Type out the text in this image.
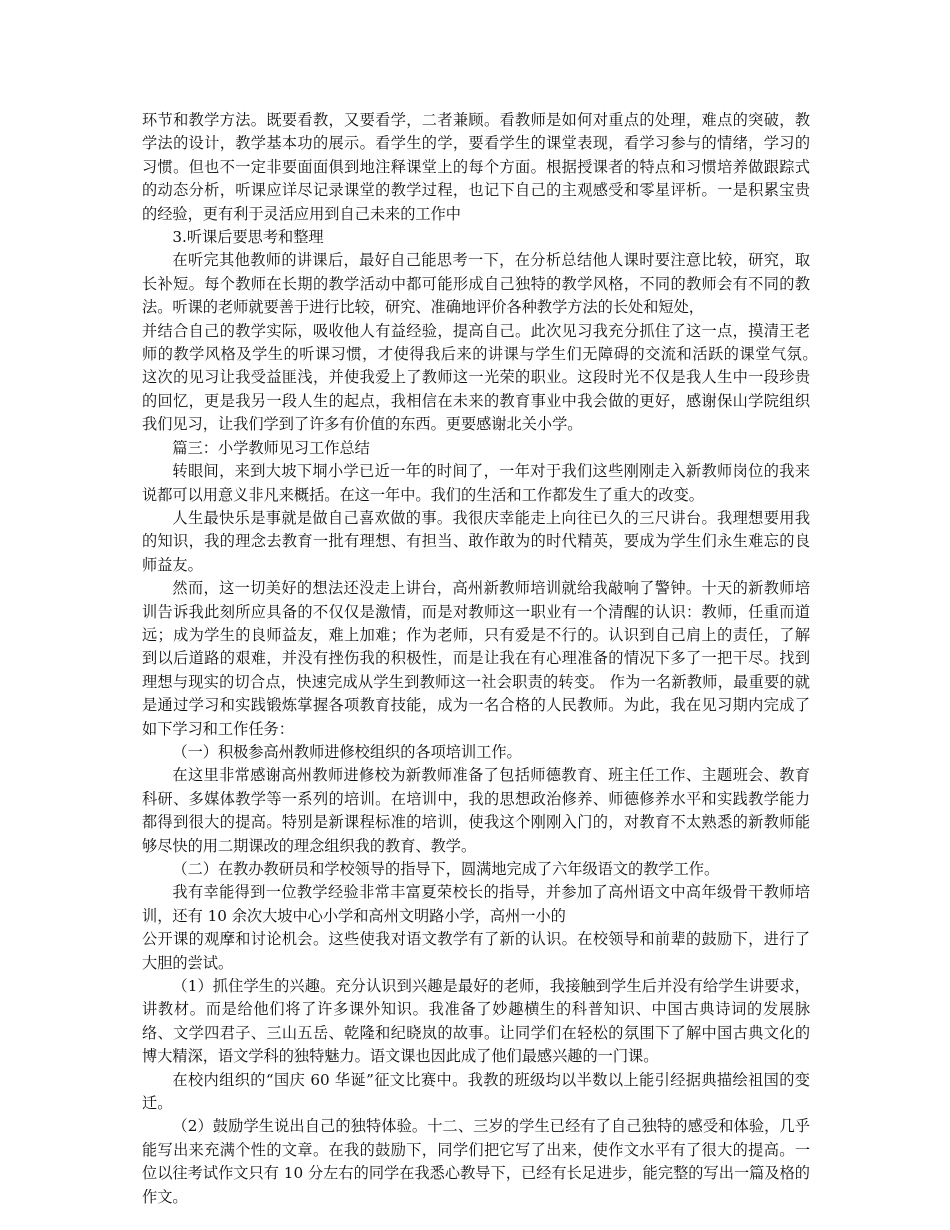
环节和教学方法。既要看教，又要看学，二者兼顾。看教师是如何对重点的处理，难点的突破，教学法的设计，教学基本功的展示。看学生的学，要看学生的课堂表现，看学习参与的情绪，学习的习惯。但也不一定非要面面俱到地注释课堂上的每个方面。根据授课者的特点和习惯培养做跟踪式的动态分析，听课应详尽记录课堂的教学过程，也记下自己的主观感受和零星评析。一是积累宝贵的经验，更有利于灵活应用到自己未来的工作中

3.听课后要思考和整理

在听完其他教师的讲课后，最好自己能思考一下，在分析总结他人课时要注意比较，研究，取长补短。每个教师在长期的教学活动中都可能形成自己独特的教学风格，不同的教师会有不同的教法。听课的老师就要善于进行比较，研究、准确地评价各种教学方法的长处和短处，

并结合自己的教学实际，吸收他人有益经验，提高自己。此次见习我充分抓住了这一点，摸清王老师的教学风格及学生的听课习惯，才使得我后来的讲课与学生们无障碍的交流和活跃的课堂气氛。　这次的见习让我受益匪浅，并使我爱上了教师这一光荣的职业。这段时光不仅是我人生中一段珍贵的回忆，更是我另一段人生的起点，我相信在未来的教育事业中我会做的更好，感谢保山学院组织我们见习，让我们学到了许多有价值的东西。更要感谢北关小学。

篇三：小学教师见习工作总结

转眼间，来到大坡下垌小学已近一年的时间了，一年对于我们这些刚刚走入新教师岗位的我来说都可以用意义非凡来概括。在这一年中。我们的生活和工作都发生了重大的改变。

人生最快乐是事就是做自己喜欢做的事。我很庆幸能走上向往已久的三尺讲台。我理想要用我的知识，我的理念去教育一批有理想、有担当、敢作敢为的时代精英，要成为学生们永生难忘的良师益友。

然而，这一切美好的想法还没走上讲台，高州新教师培训就给我敲响了警钟。十天的新教师培训告诉我此刻所应具备的不仅仅是激情，而是对教师这一职业有一个清醒的认识：教师，任重而道远；成为学生的良师益友，难上加难；作为老师，只有爱是不行的。认识到自己肩上的责任，了解到以后道路的艰难，并没有挫伤我的积极性，而是让我在有心理准备的情况下多了一把干尽。找到理想与现实的切合点，快速完成从学生到教师这一社会职责的转变。 作为一名新教师，最重要的就是通过学习和实践锻炼掌握各项教育技能，成为一名合格的人民教师。为此，我在见习期内完成了如下学习和工作任务：

（一）积极参高州教师进修校组织的各项培训工作。

在这里非常感谢高州教师进修校为新教师准备了包括师德教育、班主任工作、主题班会、教育科研、多媒体教学等一系列的培训。在培训中，我的思想政治修养、师德修养水平和实践教学能力都得到很大的提高。特别是新课程标准的培训，使我这个刚刚入门的，对教育不太熟悉的新教师能够尽快的用二期课改的理念组织我的教育、教学。

（二）在教办教研员和学校领导的指导下，圆满地完成了六年级语文的教学工作。

我有幸能得到一位教学经验非常丰富夏荣校长的指导，并参加了高州语文中高年级骨干教师培训，还有 10 余次大坡中心小学和高州文明路小学，高州一小的

公开课的观摩和讨论机会。这些使我对语文教学有了新的认识。在校领导和前辈的鼓励下，进行了大胆的尝试。

（1）抓住学生的兴趣。充分认识到兴趣是最好的老师，我接触到学生后并没有给学生讲要求，讲教材。而是给他们将了许多课外知识。我准备了妙趣横生的科普知识、中国古典诗词的发展脉络、文学四君子、三山五岳、乾隆和纪晓岚的故事。让同学们在轻松的氛围下了解中国古典文化的博大精深，语文学科的独特魅力。语文课也因此成了他们最感兴趣的一门课。

在校内组织的“国庆 60 华诞”征文比赛中。我教的班级均以半数以上能引经据典描绘祖国的变迁。

（2）鼓励学生说出自己的独特体验。十二、三岁的学生已经有了自己独特的感受和体验，几乎能写出来充满个性的文章。在我的鼓励下，同学们把它写了出来，使作文水平有了很大的提高。一位以往考试作文只有 10 分左右的同学在我悉心教导下，已经有长足进步，能完整的写出一篇及格的作文。
